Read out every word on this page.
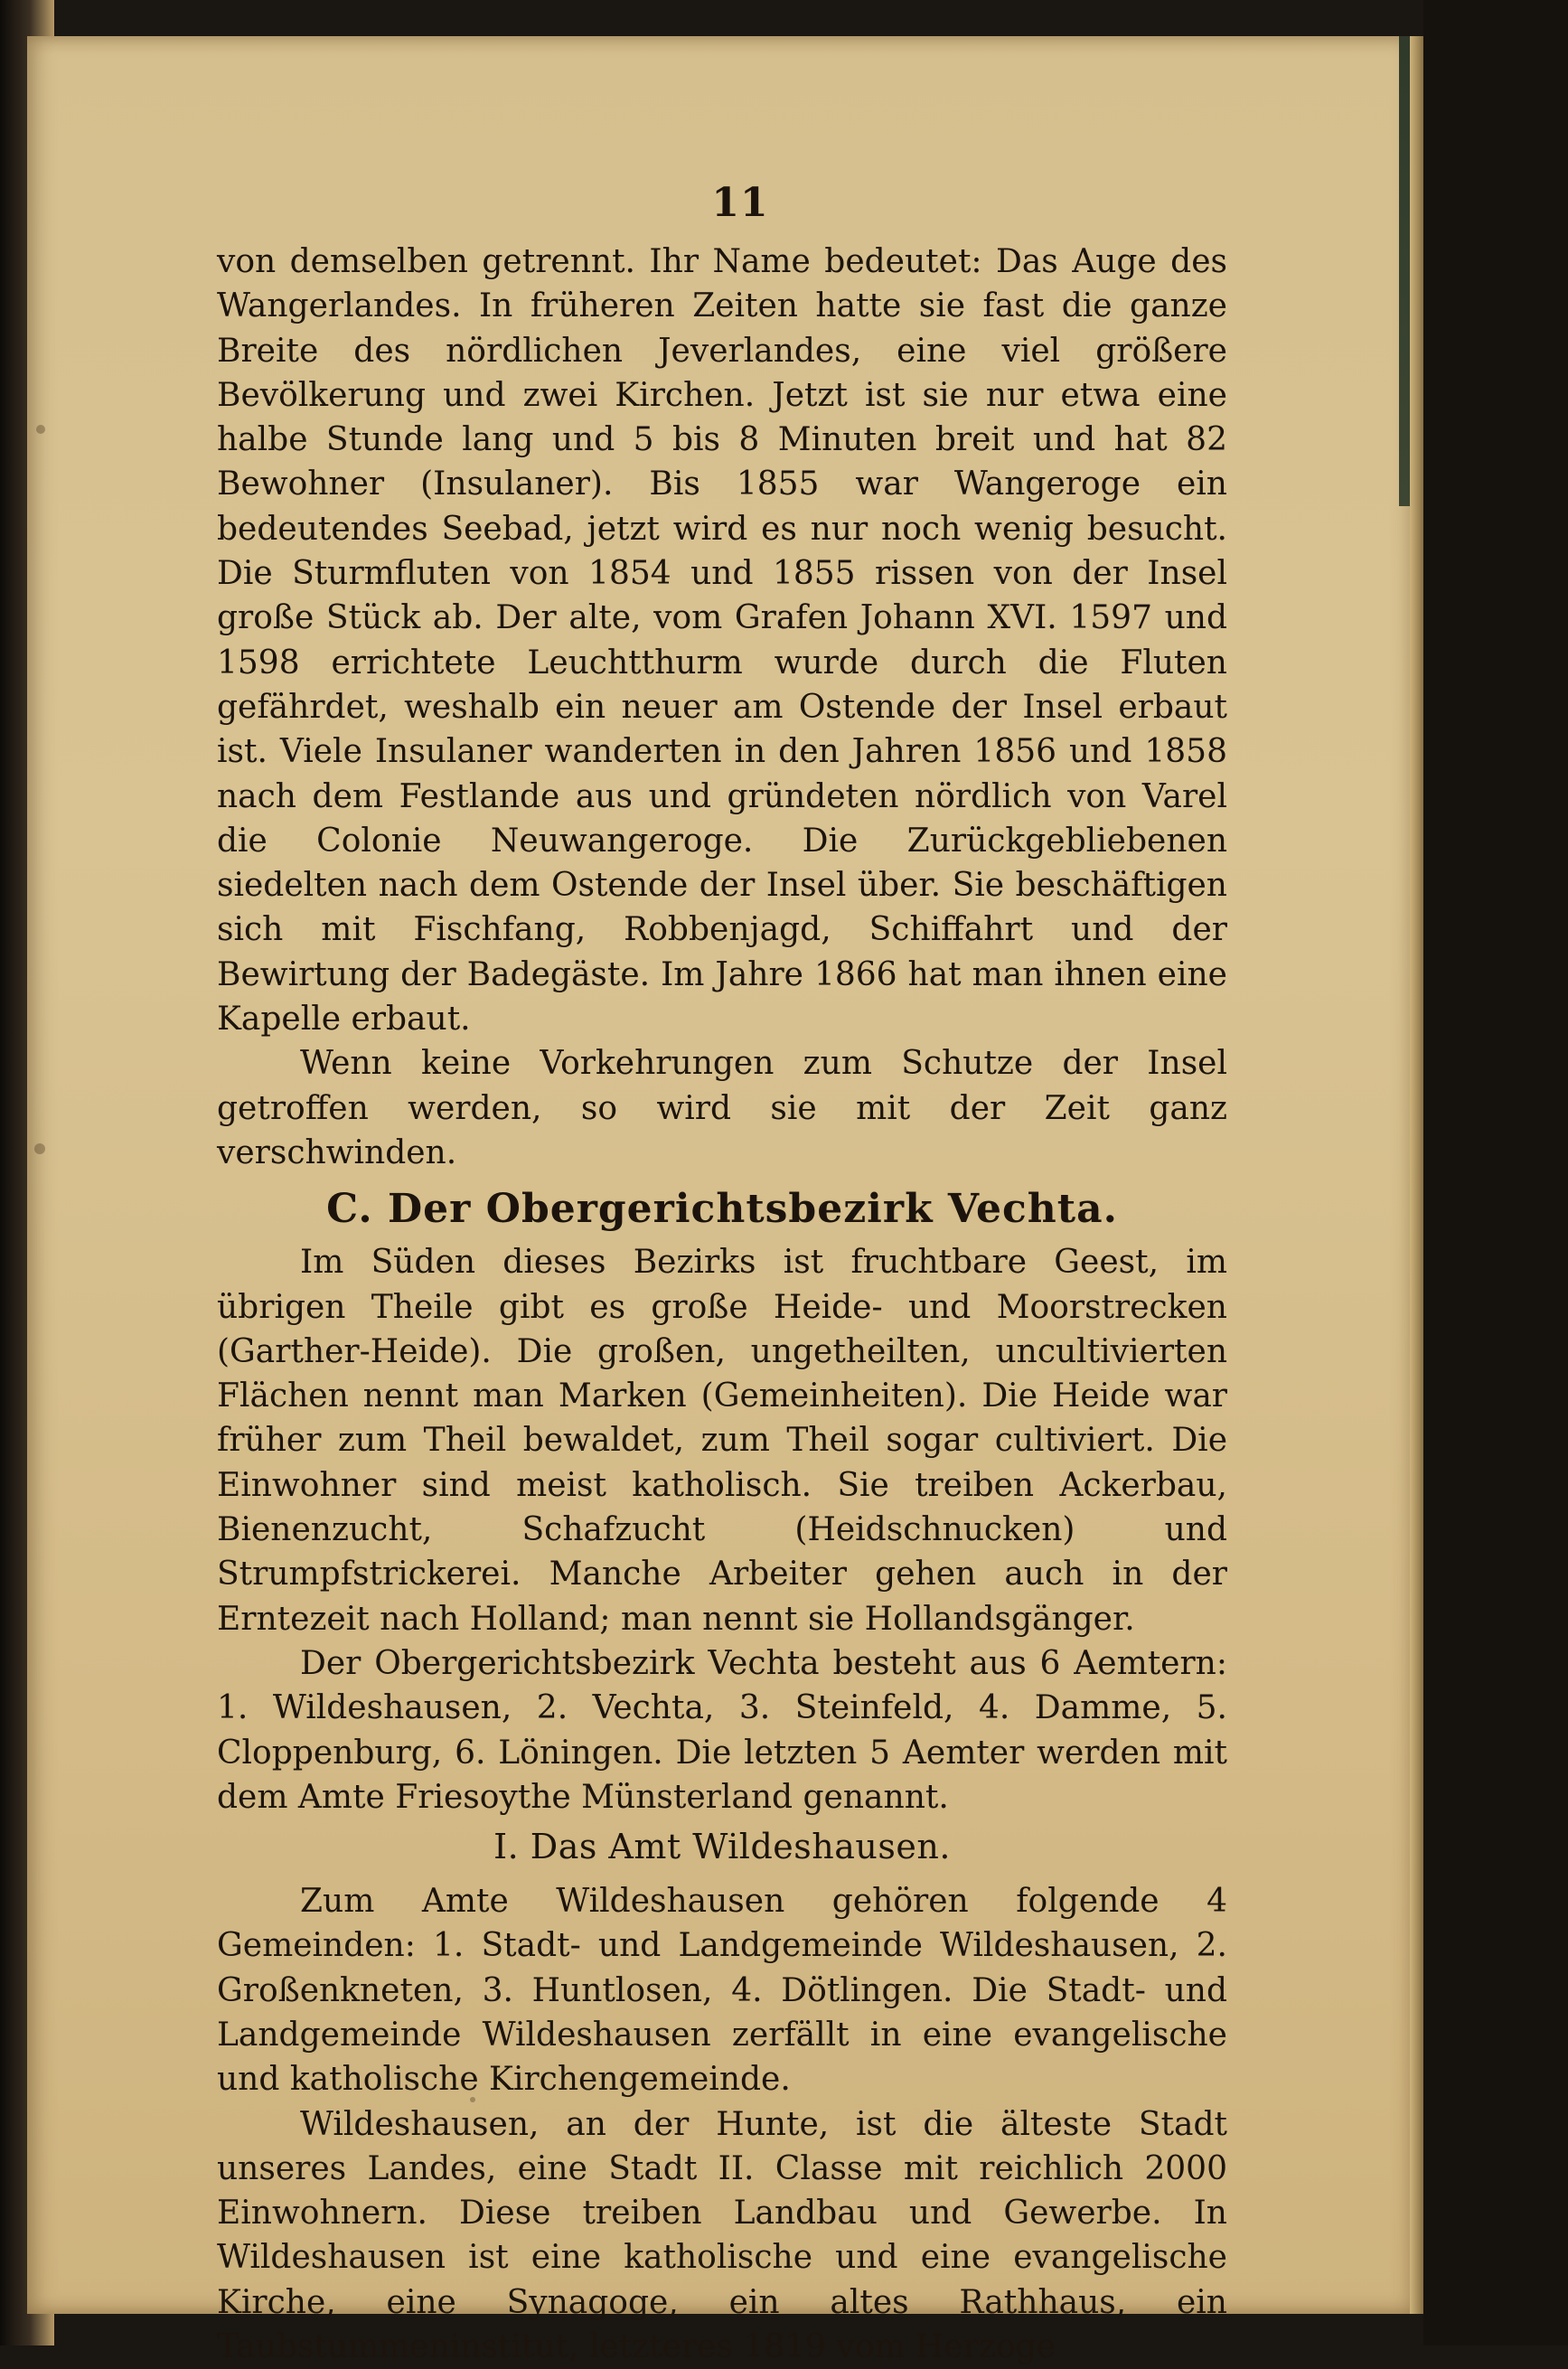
11

von demselben getrennt. Ihr Name bedeutet: Das Auge des Wangerlandes. In früheren Zeiten hatte sie fast die ganze Breite des nördlichen Jeverlandes, eine viel größere Bevölkerung und zwei Kirchen. Jetzt ist sie nur etwa eine halbe Stunde lang und 5 bis 8 Minuten breit und hat 82 Bewohner (Insulaner). Bis 1855 war Wangeroge ein bedeutendes Seebad, jetzt wird es nur noch wenig besucht. Die Sturmfluten von 1854 und 1855 rissen von der Insel große Stück ab. Der alte, vom Grafen Johann XVI. 1597 und 1598 errichtete Leuchtthurm wurde durch die Fluten gefährdet, weshalb ein neuer am Ostende der Insel erbaut ist. Viele Insulaner wanderten in den Jahren 1856 und 1858 nach dem Festlande aus und gründeten nördlich von Varel die Colonie Neuwangeroge. Die Zurückgebliebenen siedelten nach dem Ostende der Insel über. Sie beschäftigen sich mit Fischfang, Robbenjagd, Schiffahrt und der Bewirtung der Badegäste. Im Jahre 1866 hat man ihnen eine Kapelle erbaut.

Wenn keine Vorkehrungen zum Schutze der Insel getroffen werden, so wird sie mit der Zeit ganz verschwinden.

C. Der Obergerichtsbezirk Vechta.

Im Süden dieses Bezirks ist fruchtbare Geest, im übrigen Theile gibt es große Heide- und Moorstrecken (Garther-Heide). Die großen, ungetheilten, uncultivierten Flächen nennt man Marken (Gemeinheiten). Die Heide war früher zum Theil bewaldet, zum Theil sogar cultiviert. Die Einwohner sind meist katholisch. Sie treiben Ackerbau, Bienenzucht, Schafzucht (Heidschnucken) und Strumpfstrickerei. Manche Arbeiter gehen auch in der Erntezeit nach Holland; man nennt sie Hollandsgänger.

Der Obergerichtsbezirk Vechta besteht aus 6 Aemtern: 1. Wildeshausen, 2. Vechta, 3. Steinfeld, 4. Damme, 5. Cloppenburg, 6. Löningen. Die letzten 5 Aemter werden mit dem Amte Friesoythe Münsterland genannt.

I. Das Amt Wildeshausen.

Zum Amte Wildeshausen gehören folgende 4 Gemeinden: 1. Stadt- und Landgemeinde Wildeshausen, 2. Großenkneten, 3. Huntlosen, 4. Dötlingen. Die Stadt- und Landgemeinde Wildeshausen zerfällt in eine evangelische und katholische Kirchengemeinde.

Wildeshausen, an der Hunte, ist die älteste Stadt unseres Landes, eine Stadt II. Classe mit reichlich 2000 Einwohnern. Diese treiben Landbau und Gewerbe. In Wildeshausen ist eine katholische und eine evangelische Kirche, eine Synagoge, ein altes Rathhaus, ein Taubstummeninstitut, letzteres 1819 vom Herzoge
